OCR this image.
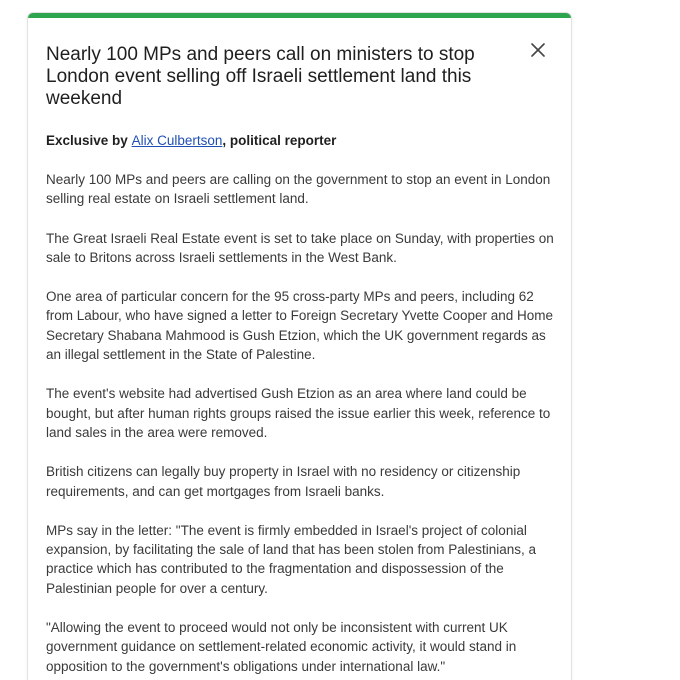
Nearly 100 MPs and peers call on ministers to stop London event selling off Israeli settlement land this weekend
Exclusive by Alix Culbertson, political reporter

Nearly 100 MPs and peers are calling on the government to stop an event in London selling real estate on Israeli settlement land.

The Great Israeli Real Estate event is set to take place on Sunday, with properties on sale to Britons across Israeli settlements in the West Bank.

One area of particular concern for the 95 cross-party MPs and peers, including 62 from Labour, who have signed a letter to Foreign Secretary Yvette Cooper and Home Secretary Shabana Mahmood is Gush Etzion, which the UK government regards as an illegal settlement in the State of Palestine.

The event's website had advertised Gush Etzion as an area where land could be bought, but after human rights groups raised the issue earlier this week, reference to land sales in the area were removed.

British citizens can legally buy property in Israel with no residency or citizenship requirements, and can get mortgages from Israeli banks.

MPs say in the letter: "The event is firmly embedded in Israel's project of colonial expansion, by facilitating the sale of land that has been stolen from Palestinians, a practice which has contributed to the fragmentation and dispossession of the Palestinian people for over a century.

"Allowing the event to proceed would not only be inconsistent with current UK government guidance on settlement-related economic activity, it would stand in opposition to the government's obligations under international law."
